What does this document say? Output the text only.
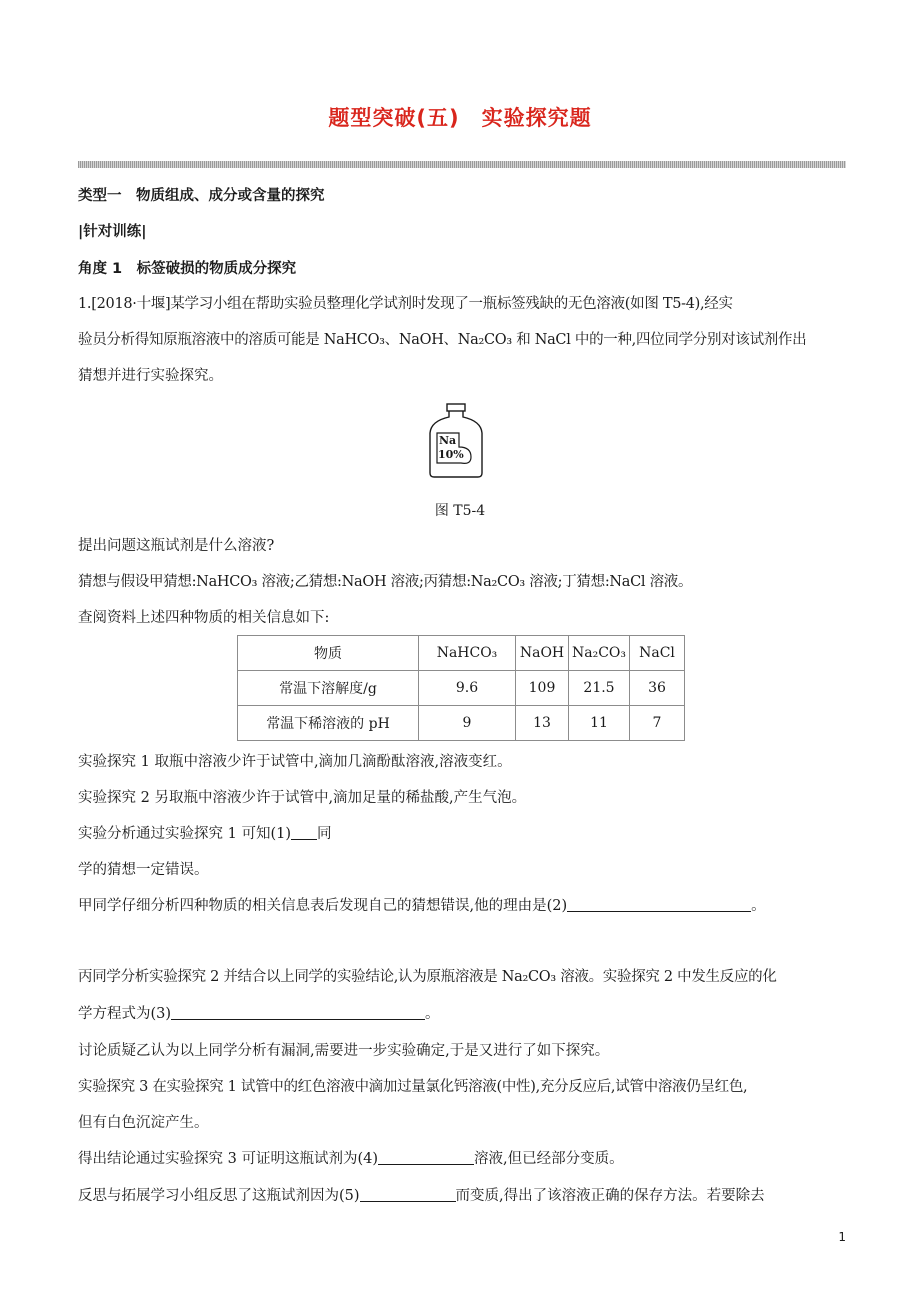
题型突破(五)　实验探究题
类型一　物质组成、成分或含量的探究
|针对训练|
角度 1　标签破损的物质成分探究
1.[2018·十堰]某学习小组在帮助实验员整理化学试剂时发现了一瓶标签残缺的无色溶液(如图 T5-4),经实
验员分析得知原瓶溶液中的溶质可能是 NaHCO₃、NaOH、Na₂CO₃ 和 NaCl 中的一种,四位同学分别对该试剂作出
猜想并进行实验探究。
Na
10%
图 T5-4
提出问题这瓶试剂是什么溶液?
猜想与假设甲猜想:NaHCO₃ 溶液;乙猜想:NaOH 溶液;丙猜想:Na₂CO₃ 溶液;丁猜想:NaCl 溶液。
查阅资料上述四种物质的相关信息如下:
物质	NaHCO₃	NaOH	Na₂CO₃	NaCl
常温下溶解度/g	9.6	109	21.5	36
常温下稀溶液的 pH	9	13	11	7
实验探究 1 取瓶中溶液少许于试管中,滴加几滴酚酞溶液,溶液变红。
实验探究 2 另取瓶中溶液少许于试管中,滴加足量的稀盐酸,产生气泡。
实验分析通过实验探究 1 可知(1) 同
学的猜想一定错误。
甲同学仔细分析四种物质的相关信息表后发现自己的猜想错误,他的理由是(2)	。
丙同学分析实验探究 2 并结合以上同学的实验结论,认为原瓶溶液是 Na₂CO₃ 溶液。实验探究 2 中发生反应的化
学方程式为(3)	。
讨论质疑乙认为以上同学分析有漏洞,需要进一步实验确定,于是又进行了如下探究。
实验探究 3 在实验探究 1 试管中的红色溶液中滴加过量氯化钙溶液(中性),充分反应后,试管中溶液仍呈红色,
但有白色沉淀产生。
得出结论通过实验探究 3 可证明这瓶试剂为(4)	溶液,但已经部分变质。
反思与拓展学习小组反思了这瓶试剂因为(5)	而变质,得出了该溶液正确的保存方法。若要除去
1
